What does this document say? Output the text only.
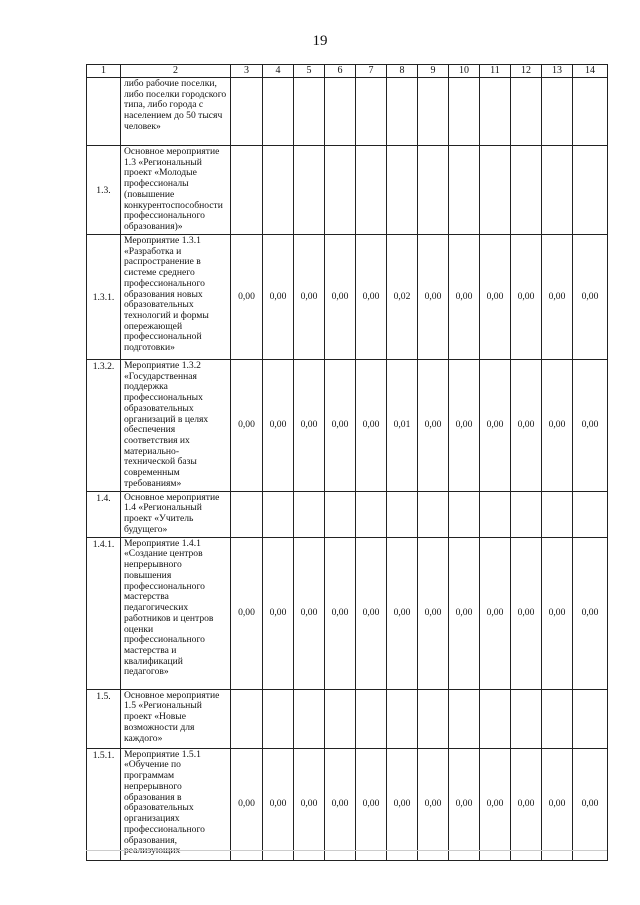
19
1	2	3	4	5	6	7	8	9	10	11	12	13	14
	либо рабочие поселки, либо поселки городского типа, либо города с населением до 50 тысяч человек»												
1.3.	Основное мероприятие 1.3 «Региональный проект «Молодые профессионалы (повышение конкурентоспособности профессионального образования)»												
1.3.1.	Мероприятие 1.3.1 «Разработка и распространение в системе среднего профессионального образования новых образовательных технологий и формы опережающей профессиональной подготовки»	0,00	0,00	0,00	0,00	0,00	0,02	0,00	0,00	0,00	0,00	0,00	0,00
1.3.2.	Мероприятие 1.3.2 «Государственная поддержка профессиональных образовательных организаций в целях обеспечения соответствия их материально-технической базы современным требованиям»	0,00	0,00	0,00	0,00	0,00	0,01	0,00	0,00	0,00	0,00	0,00	0,00
1.4.	Основное мероприятие 1.4 «Региональный проект «Учитель будущего»												
1.4.1.	Мероприятие 1.4.1 «Создание центров непрерывного повышения профессионального мастерства педагогических работников и центров оценки профессионального мастерства и квалификаций педагогов»	0,00	0,00	0,00	0,00	0,00	0,00	0,00	0,00	0,00	0,00	0,00	0,00
1.5.	Основное мероприятие 1.5 «Региональный проект «Новые возможности для каждого»												
1.5.1.	Мероприятие 1.5.1 «Обучение по программам непрерывного образования в образовательных организациях профессионального образования, реализующих	0,00	0,00	0,00	0,00	0,00	0,00	0,00	0,00	0,00	0,00	0,00	0,00
